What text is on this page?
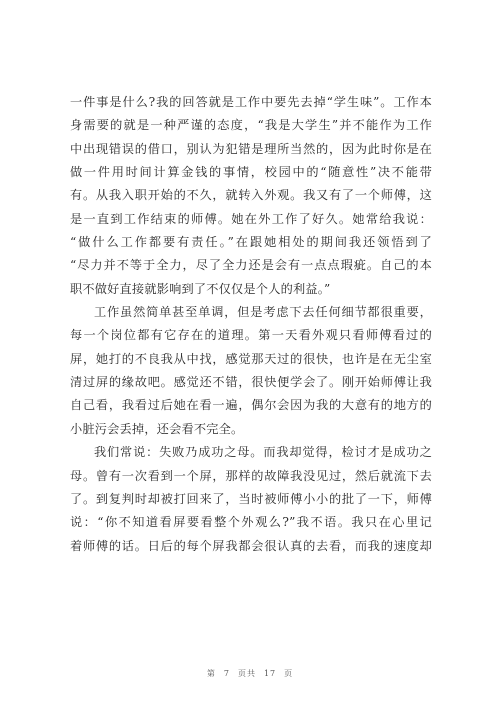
一件事是什么?我的回答就是工作中要先去掉“学生味”。工作本
身需要的就是一种严谨的态度，“我是大学生”并不能作为工作
中出现错误的借口，别认为犯错是理所当然的，因为此时你是在
做一件用时间计算金钱的事情，校园中的“随意性”决不能带
有。从我入职开始的不久，就转入外观。我又有了一个师傅，这
是一直到工作结束的师傅。她在外工作了好久。她常给我说：
“做什么工作都要有责任。”在跟她相处的期间我还领悟到了
“尽力并不等于全力，尽了全力还是会有一点点瑕疵。自己的本
职不做好直接就影响到了不仅仅是个人的利益。”
工作虽然简单甚至单调，但是考虑下去任何细节都很重要，
每一个岗位都有它存在的道理。第一天看外观只看师傅看过的
屏，她打的不良我从中找，感觉那天过的很快，也许是在无尘室
清过屏的缘故吧。感觉还不错，很快便学会了。刚开始师傅让我
自己看，我看过后她在看一遍，偶尔会因为我的大意有的地方的
小脏污会丢掉，还会看不完全。
我们常说：失败乃成功之母。而我却觉得，检讨才是成功之
母。曾有一次看到一个屏，那样的故障我没见过，然后就流下去
了。到复判时却被打回来了，当时被师傅小小的批了一下，师傅
说：“你不知道看屏要看整个外观么?”我不语。我只在心里记
着师傅的话。日后的每个屏我都会很认真的去看，而我的速度却
第 7 页共 17 页
